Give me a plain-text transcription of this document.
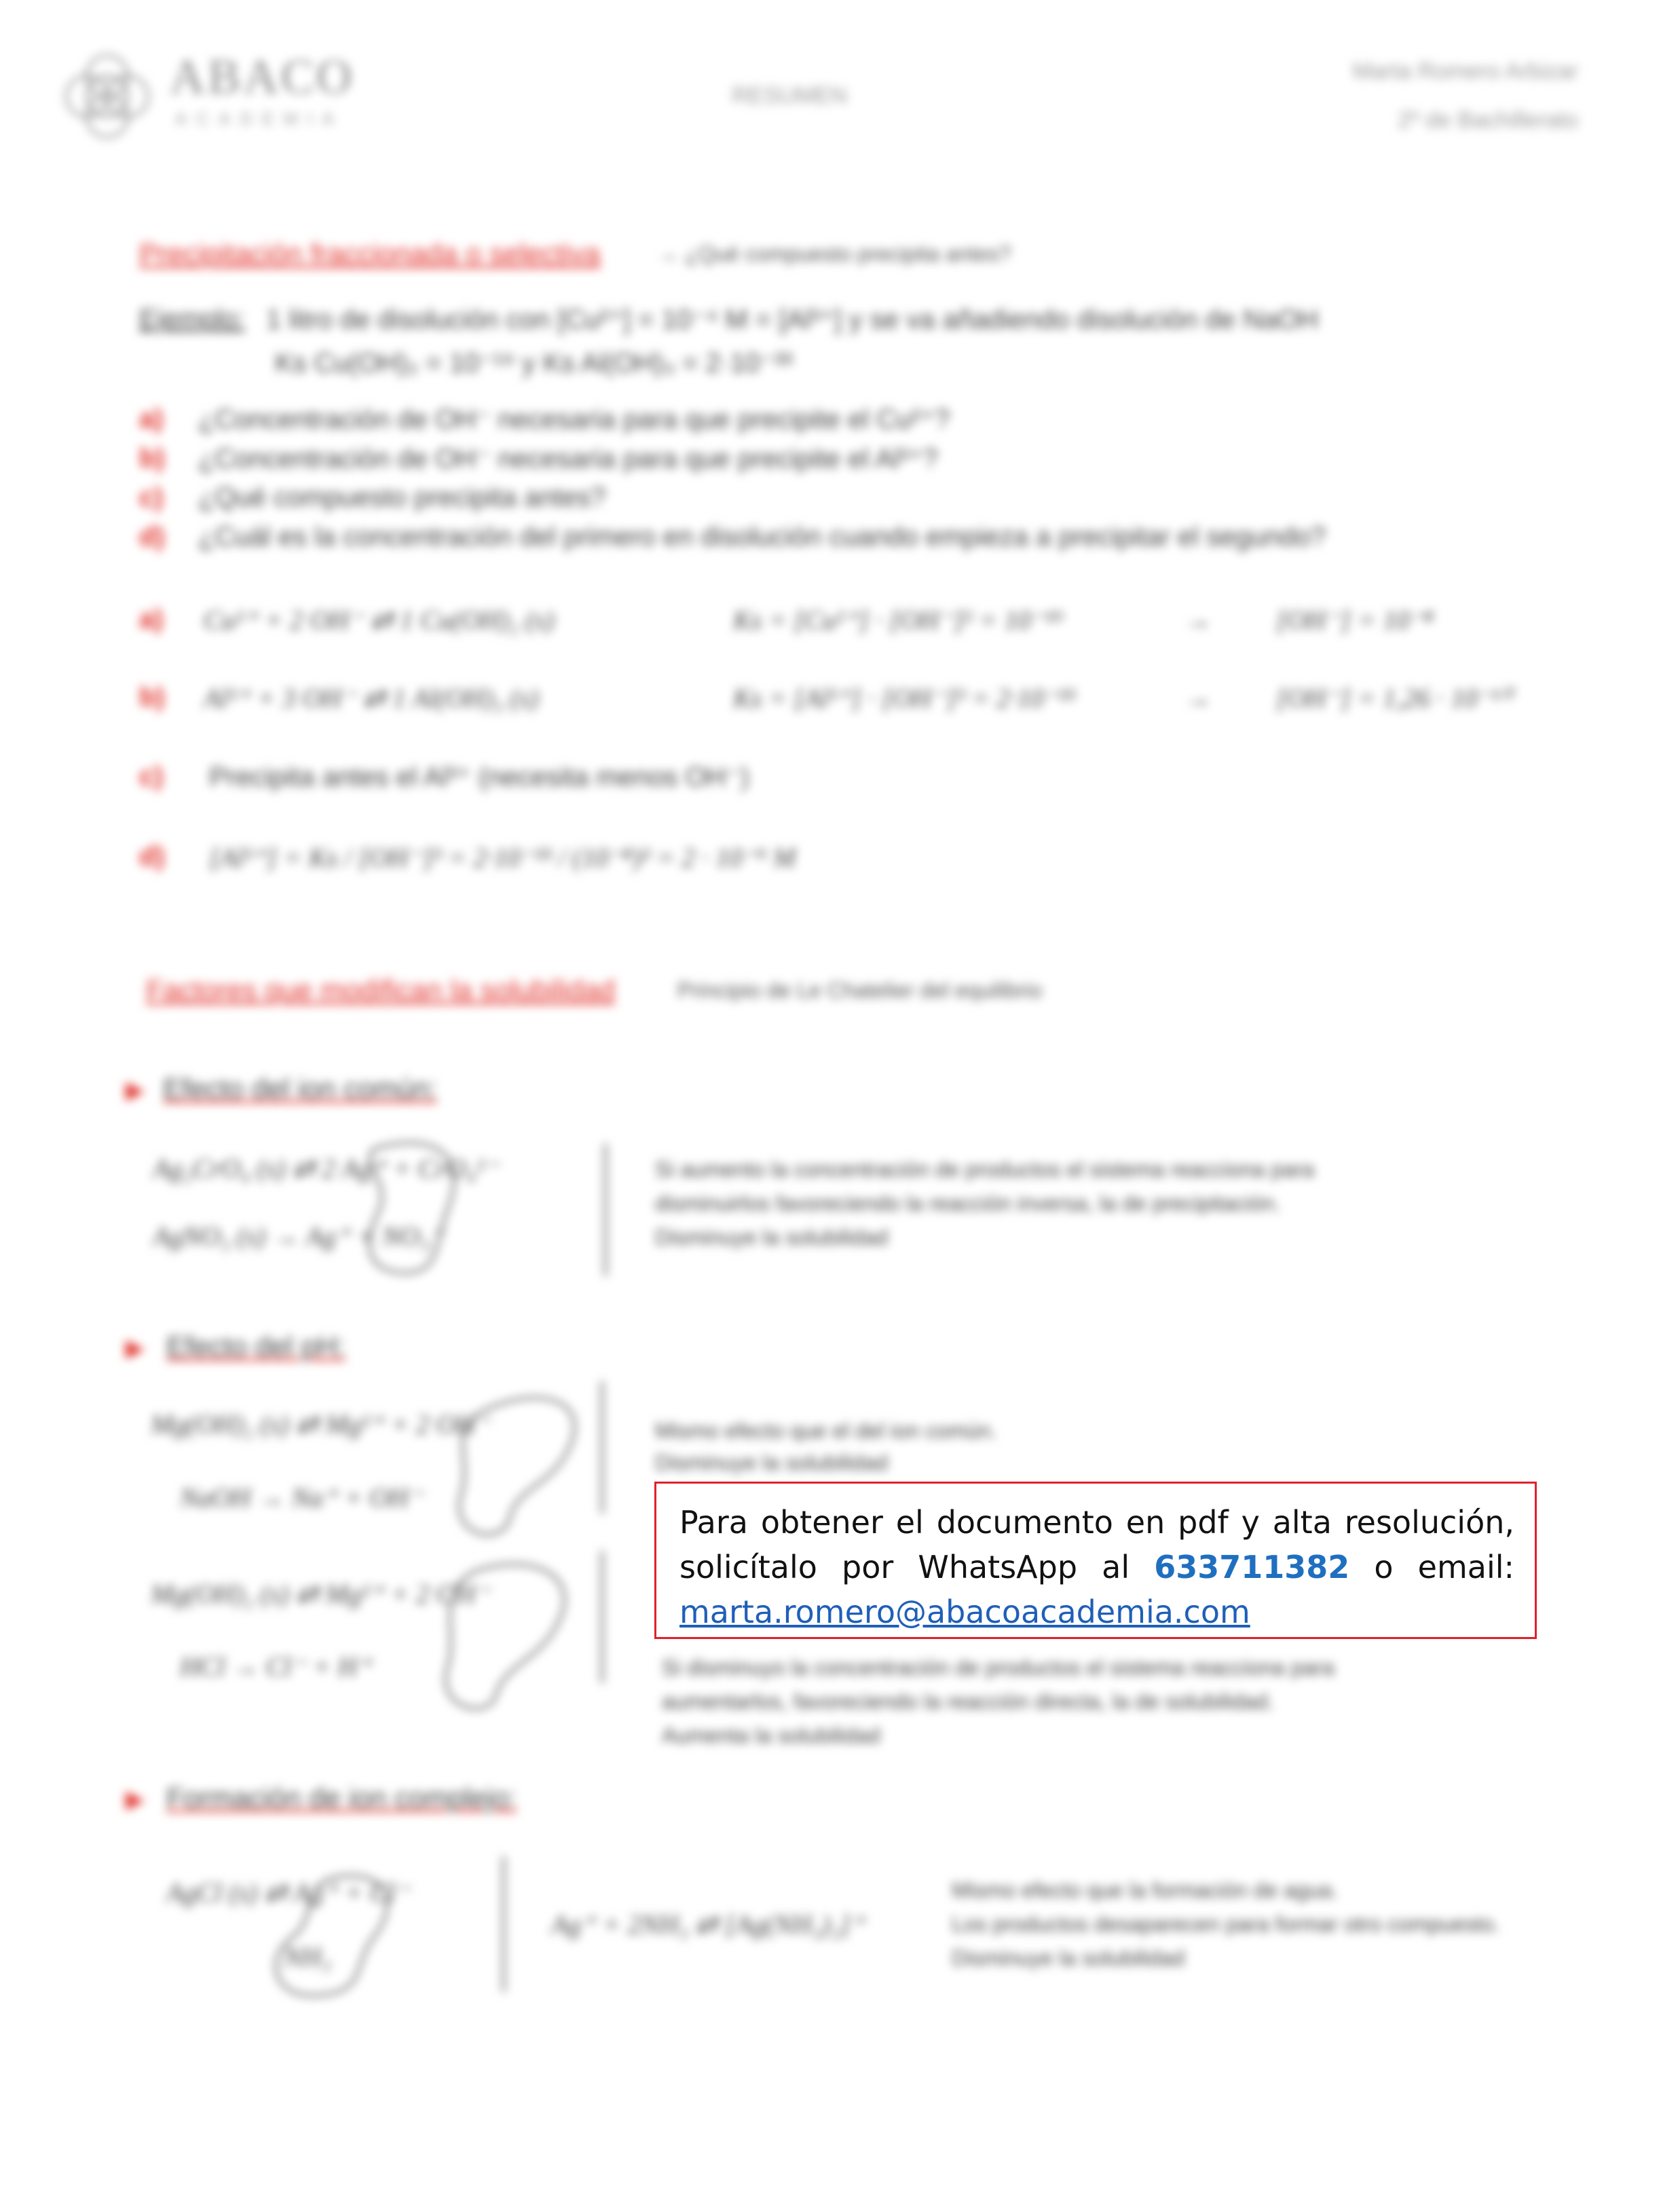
ABACO
ACADEMIA
RESUMEN
Marta Romero Arbizar
2º de Bachillerato
Precipitación fraccionada o selectiva	→ ¿Qué compuesto precipita antes?
Ejemplo: 1 litro de disolución con [Cu²⁺] = 10⁻⁴ M = [Al³⁺] y se va añadiendo disolución de NaOH
Ks Cu(OH)₂ = 10⁻¹⁹ y Ks Al(OH)₃ = 2·10⁻³³
a) ¿Concentración de OH⁻ necesaria para que precipite el Cu²⁺?
b) ¿Concentración de OH⁻ necesaria para que precipite el Al³⁺?
c) ¿Qué compuesto precipita antes?
d) ¿Cuál es la concentración del primero en disolución cuando empieza a precipitar el segundo?
a) Cu²⁺ + 2 OH⁻ ⇄ 1 Cu(OH)₂ (s)	Ks = [Cu²⁺] · [OH⁻]² = 10⁻¹⁹	→ [OH⁻] = 10⁻⁸
b) Al³⁺ + 3 OH⁻ ⇄ 1 Al(OH)₃ (s)	Ks = [Al³⁺] · [OH⁻]³ = 2·10⁻³³	→ [OH⁻] = 1,26 · 10⁻¹⁰
c) Precipita antes el Al³⁺ (necesita menos OH⁻)
d) [Al³⁺] = Ks / [OH⁻]³ = 2·10⁻³³ / (10⁻⁸)³ = 2 · 10⁻⁹ M
Factores que modifican la solubilidad	Principio de Le Chatelier del equilibrio
▶ Efecto del ion común:
Ag₂CrO₄ (s) ⇄ 2 Ag⁺ + CrO₄²⁻
AgNO₃ (s) → Ag⁺ + NO₃⁻
Si aumento la concentración de productos el sistema reacciona para
disminuirlos favoreciendo la reacción inversa, la de precipitación.
Disminuye la solubilidad
▶ Efecto del pH:
Mg(OH)₂ (s) ⇄ Mg²⁺ + 2 OH⁻
NaOH → Na⁺ + OH⁻
Mismo efecto que el del ion común.
Disminuye la solubilidad
Mg(OH)₂ (s) ⇄ Mg²⁺ + 2 OH⁻
HCl → Cl⁻ + H⁺	Si disminuyo la concentración de productos el sistema reacciona para
aumentarlos, favoreciendo la reacción directa, la de solubilidad.
Aumenta la solubilidad
▶ Formación de ion complejo:
AgCl (s) ⇄ Ag⁺ + Cl⁻
NH₃
Ag⁺ + 2NH₃ ⇄ [Ag(NH₃)₂]⁺
Mismo efecto que la formación de agua.
Los productos desaparecen para formar otro compuesto.
Disminuye la solubilidad
Para obtener el documento en pdf y alta resolución, solicítalo por WhatsApp al 633711382 o email: marta.romero@abacoacademia.com
